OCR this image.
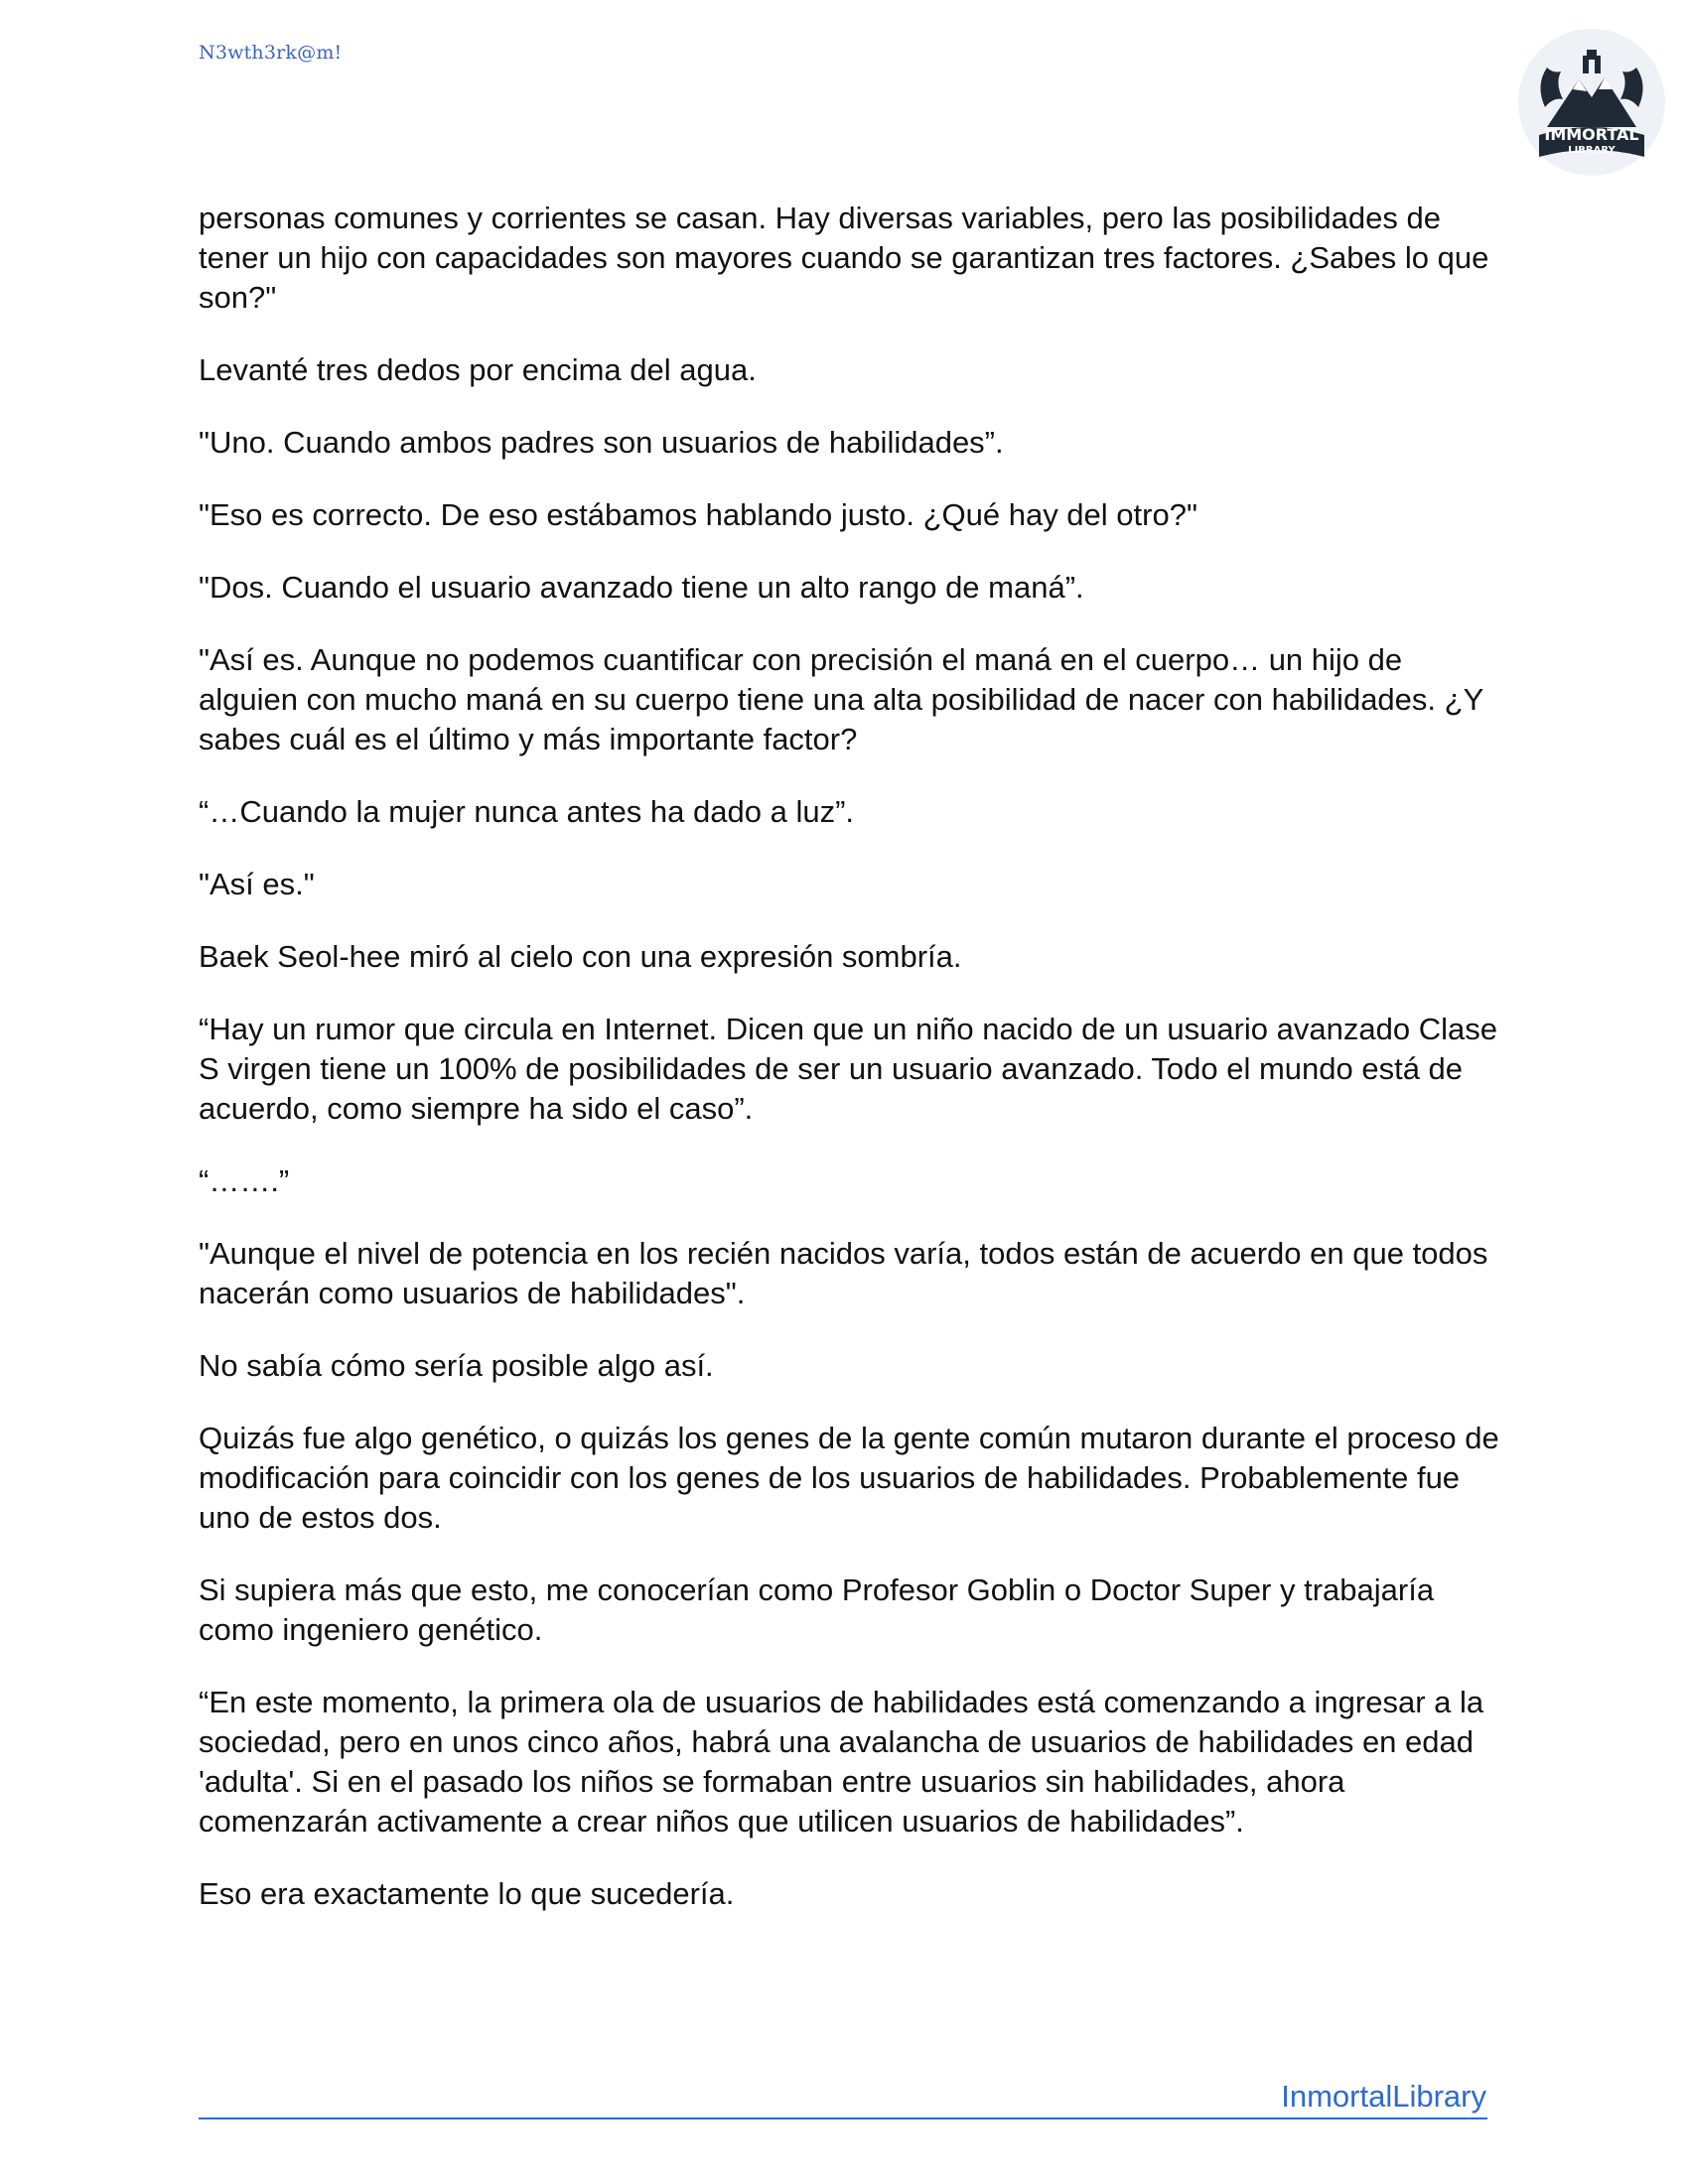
N3wth3rk@m!
IMMORTAL
LIBRARY

personas comunes y corrientes se casan. Hay diversas variables, pero las posibilidades de tener un hijo con capacidades son mayores cuando se garantizan tres factores. ¿Sabes lo que son?"

Levanté tres dedos por encima del agua.

"Uno. Cuando ambos padres son usuarios de habilidades”.

"Eso es correcto. De eso estábamos hablando justo. ¿Qué hay del otro?"

"Dos. Cuando el usuario avanzado tiene un alto rango de maná”.

"Así es. Aunque no podemos cuantificar con precisión el maná en el cuerpo… un hijo de alguien con mucho maná en su cuerpo tiene una alta posibilidad de nacer con habilidades. ¿Y sabes cuál es el último y más importante factor?

“…Cuando la mujer nunca antes ha dado a luz”.

"Así es."

Baek Seol-hee miró al cielo con una expresión sombría.

“Hay un rumor que circula en Internet. Dicen que un niño nacido de un usuario avanzado Clase S virgen tiene un 100% de posibilidades de ser un usuario avanzado. Todo el mundo está de acuerdo, como siempre ha sido el caso”.

“…….”

"Aunque el nivel de potencia en los recién nacidos varía, todos están de acuerdo en que todos nacerán como usuarios de habilidades".

No sabía cómo sería posible algo así.

Quizás fue algo genético, o quizás los genes de la gente común mutaron durante el proceso de modificación para coincidir con los genes de los usuarios de habilidades. Probablemente fue uno de estos dos.

Si supiera más que esto, me conocerían como Profesor Goblin o Doctor Super y trabajaría como ingeniero genético.

“En este momento, la primera ola de usuarios de habilidades está comenzando a ingresar a la sociedad, pero en unos cinco años, habrá una avalancha de usuarios de habilidades en edad 'adulta'. Si en el pasado los niños se formaban entre usuarios sin habilidades, ahora comenzarán activamente a crear niños que utilicen usuarios de habilidades”.

Eso era exactamente lo que sucedería.

InmortalLibrary
